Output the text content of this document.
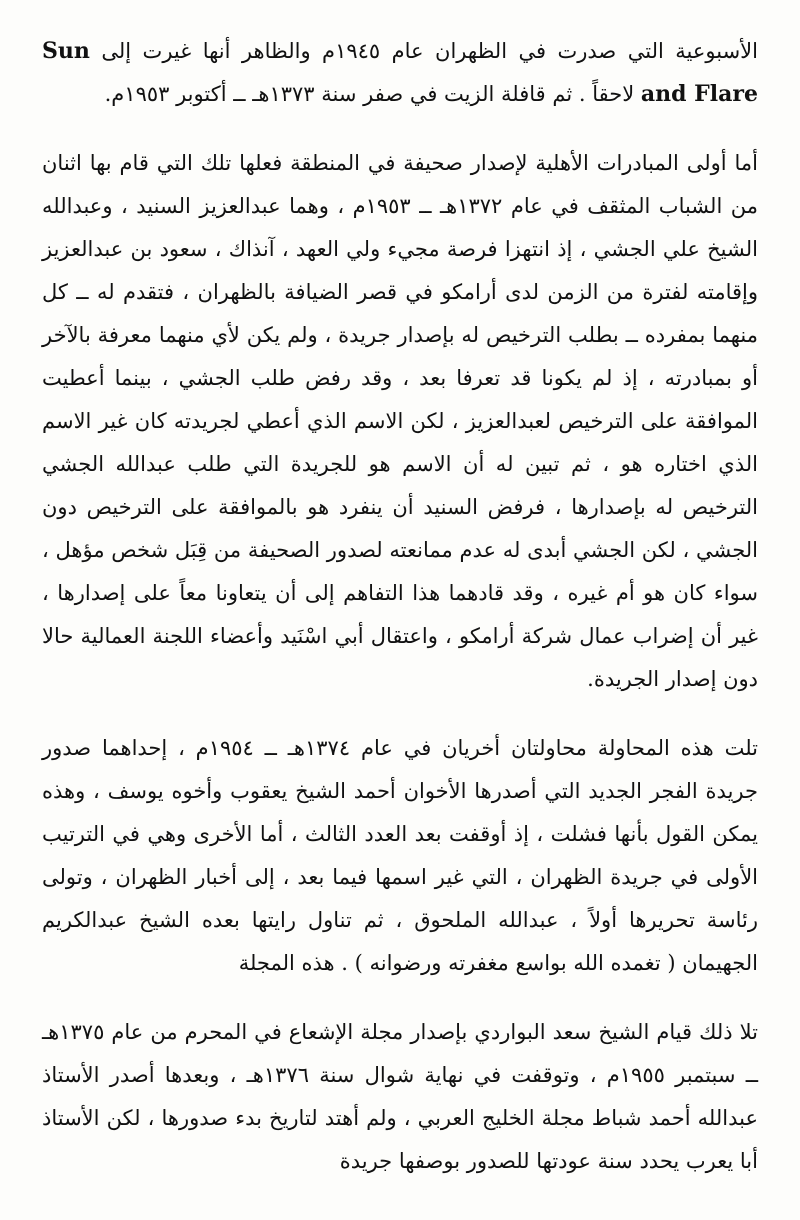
الأسبوعية التي صدرت في الظهران عام ١٩٤٥م والظاهر أنها غيرت إلى Sun and Flare لاحقاً . ثم قافلة الزيت في صفر سنة ١٣٧٣هـ ــ أكتوبر ١٩٥٣م.

أما أولى المبادرات الأهلية لإصدار صحيفة في المنطقة فعلها تلك التي قام بها اثنان من الشباب المثقف في عام ١٣٧٢هـ ــ ١٩٥٣م ، وهما عبدالعزيز السنيد ، وعبدالله الشيخ علي الجشي ، إذ انتهزا فرصة مجيء ولي العهد ، آنذاك ، سعود بن عبدالعزيز وإقامته لفترة من الزمن لدى أرامكو في قصر الضيافة بالظهران ، فتقدم له ــ كل منهما بمفرده ــ بطلب الترخيص له بإصدار جريدة ، ولم يكن لأي منهما معرفة بالآخر أو بمبادرته ، إذ لم يكونا قد تعرفا بعد ، وقد رفض طلب الجشي ، بينما أعطيت الموافقة على الترخيص لعبدالعزيز ، لكن الاسم الذي أعطي لجريدته كان غير الاسم الذي اختاره هو ، ثم تبين له أن الاسم هو للجريدة التي طلب عبدالله الجشي الترخيص له بإصدارها ، فرفض السنيد أن ينفرد هو بالموافقة على الترخيص دون الجشي ، لكن الجشي أبدى له عدم ممانعته لصدور الصحيفة من قِبَل شخص مؤهل ، سواء كان هو أم غيره ، وقد قادهما هذا التفاهم إلى أن يتعاونا معاً على إصدارها ، غير أن إضراب عمال شركة أرامكو ، واعتقال أبي اسْنَيد وأعضاء اللجنة العمالية حالا دون إصدار الجريدة.

تلت هذه المحاولة محاولتان أخريان في عام ١٣٧٤هـ ــ ١٩٥٤م ، إحداهما صدور جريدة الفجر الجديد التي أصدرها الأخوان أحمد الشيخ يعقوب وأخوه يوسف ، وهذه يمكن القول بأنها فشلت ، إذ أوقفت بعد العدد الثالث ، أما الأخرى وهي في الترتيب الأولى في جريدة الظهران ، التي غير اسمها فيما بعد ، إلى أخبار الظهران ، وتولى رئاسة تحريرها أولاً ، عبدالله الملحوق ، ثم تناول رايتها بعده الشيخ عبدالكريم الجهيمان ( تغمده الله بواسع مغفرته ورضوانه ) . هذه المجلة

تلا ذلك قيام الشيخ سعد البواردي بإصدار مجلة الإشعاع في المحرم من عام ١٣٧٥هـ ــ سبتمبر ١٩٥٥م ، وتوقفت في نهاية شوال سنة ١٣٧٦هـ ، وبعدها أصدر الأستاذ عبدالله أحمد شباط مجلة الخليج العربي ، ولم أهتد لتاريخ بدء صدورها ، لكن الأستاذ أبا يعرب يحدد سنة عودتها للصدور بوصفها جريدة
